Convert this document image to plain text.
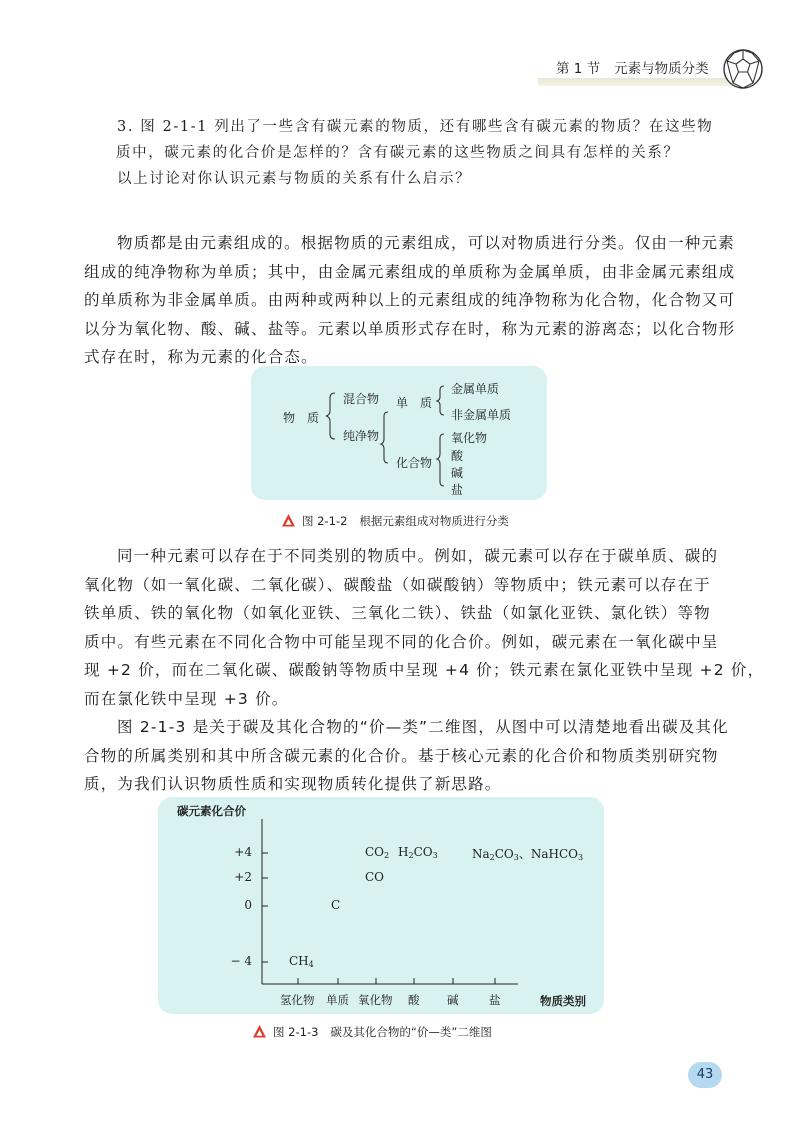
第 1 节 元素与物质分类

3. 图 2-1-1 列出了一些含有碳元素的物质，还有哪些含有碳元素的物质？在这些物

质中，碳元素的化合价是怎样的？含有碳元素的这些物质之间具有怎样的关系？

以上讨论对你认识元素与物质的关系有什么启示？

物质都是由元素组成的。根据物质的元素组成，可以对物质进行分类。仅由一种元素

组成的纯净物称为单质；其中，由金属元素组成的单质称为金属单质，由非金属元素组成

的单质称为非金属单质。由两种或两种以上的元素组成的纯净物称为化合物，化合物又可

以分为氧化物、酸、碱、盐等。元素以单质形式存在时，称为元素的游离态；以化合物形

式存在时，称为元素的化合态。

物　质
混合物
纯净物
单　质
化合物
金属单质
非金属单质
氧化物
酸
碱
盐
图 2-1-2 根据元素组成对物质进行分类

同一种元素可以存在于不同类别的物质中。例如，碳元素可以存在于碳单质、碳的

氧化物（如一氧化碳、二氧化碳）、碳酸盐（如碳酸钠）等物质中；铁元素可以存在于

铁单质、铁的氧化物（如氧化亚铁、三氧化二铁）、铁盐（如氯化亚铁、氯化铁）等物

质中。有些元素在不同化合物中可能呈现不同的化合价。例如，碳元素在一氧化碳中呈

现 +2 价，而在二氧化碳、碳酸钠等物质中呈现 +4 价；铁元素在氯化亚铁中呈现 +2 价，

而在氯化铁中呈现 +3 价。

图 2-1-3 是关于碳及其化合物的“价—类”二维图，从图中可以清楚地看出碳及其化

合物的所属类别和其中所含碳元素的化合价。基于核心元素的化合价和物质类别研究物

质，为我们认识物质性质和实现物质转化提供了新思路。

碳元素化合价
物质类别
+4
+2
0
− 4
氢化物 单质 氧化物 酸 碱	盐
$CH_4$
C
CO
$CO_2$ $H_2CO_3$	$Na_2CO_3$、NaHCO$_3$
图 2-1-3 碳及其化合物的“价—类”二维图
43
